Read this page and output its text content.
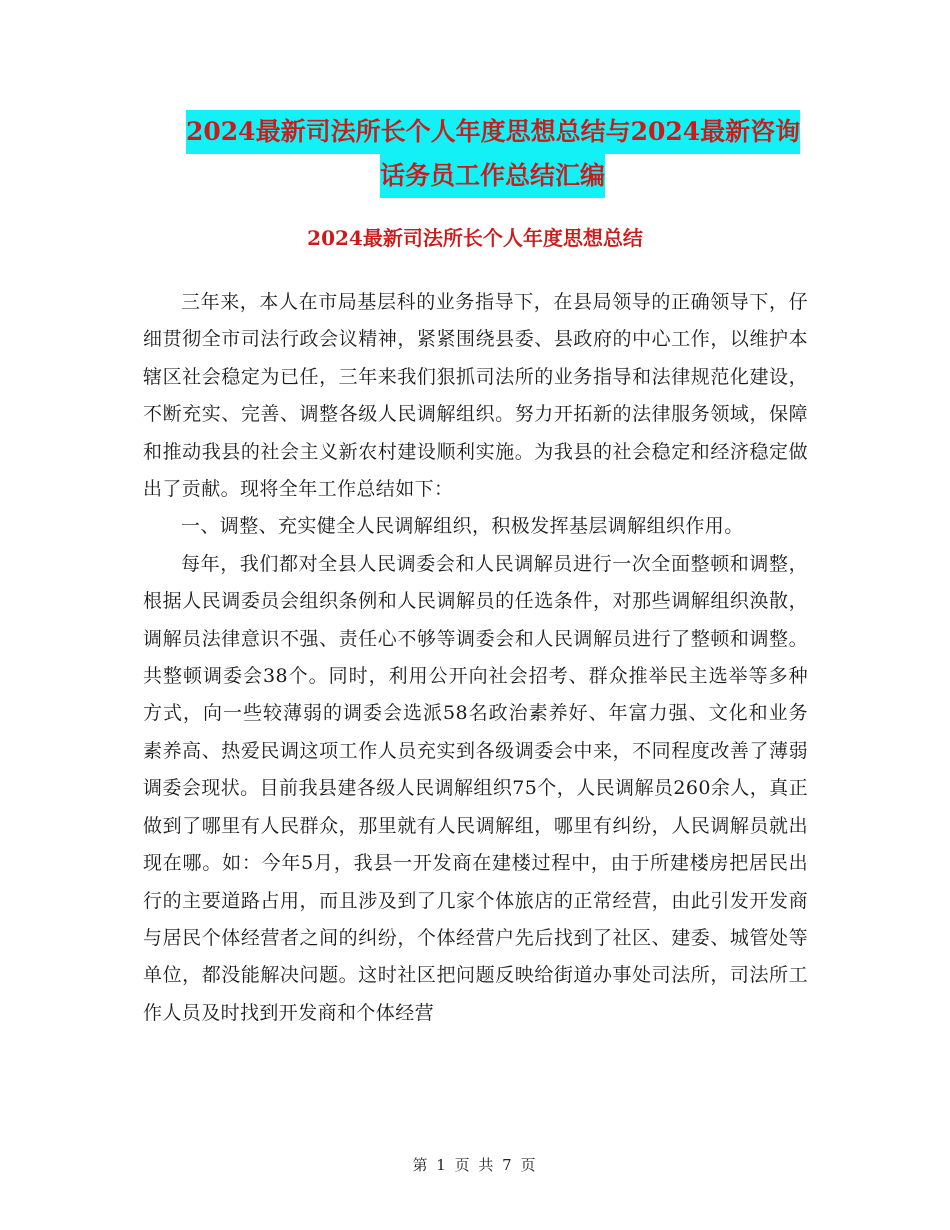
2024最新司法所长个人年度思想总结与2024最新咨询
话务员工作总结汇编
2024最新司法所长个人年度思想总结

三年来，本人在市局基层科的业务指导下，在县局领导的正确领导下，仔细贯彻全市司法行政会议精神，紧紧围绕县委、县政府的中心工作，以维护本辖区社会稳定为已任，三年来我们狠抓司法所的业务指导和法律规范化建设，不断充实、完善、调整各级人民调解组织。努力开拓新的法律服务领域，保障和推动我县的社会主义新农村建设顺利实施。为我县的社会稳定和经济稳定做出了贡献。现将全年工作总结如下：

一、调整、充实健全人民调解组织，积极发挥基层调解组织作用。

每年，我们都对全县人民调委会和人民调解员进行一次全面整顿和调整，根据人民调委员会组织条例和人民调解员的任选条件，对那些调解组织涣散，调解员法律意识不强、责任心不够等调委会和人民调解员进行了整顿和调整。共整顿调委会38个。同时，利用公开向社会招考、群众推举民主选举等多种方式，向一些较薄弱的调委会选派58名政治素养好、年富力强、文化和业务素养高、热爱民调这项工作人员充实到各级调委会中来，不同程度改善了薄弱调委会现状。目前我县建各级人民调解组织75个，人民调解员260余人，真正做到了哪里有人民群众，那里就有人民调解组，哪里有纠纷，人民调解员就出现在哪。如：今年5月，我县一开发商在建楼过程中，由于所建楼房把居民出行的主要道路占用，而且涉及到了几家个体旅店的正常经营，由此引发开发商与居民个体经营者之间的纠纷，个体经营户先后找到了社区、建委、城管处等单位，都没能解决问题。这时社区把问题反映给街道办事处司法所，司法所工作人员及时找到开发商和个体经营

第 1 页 共 7 页
